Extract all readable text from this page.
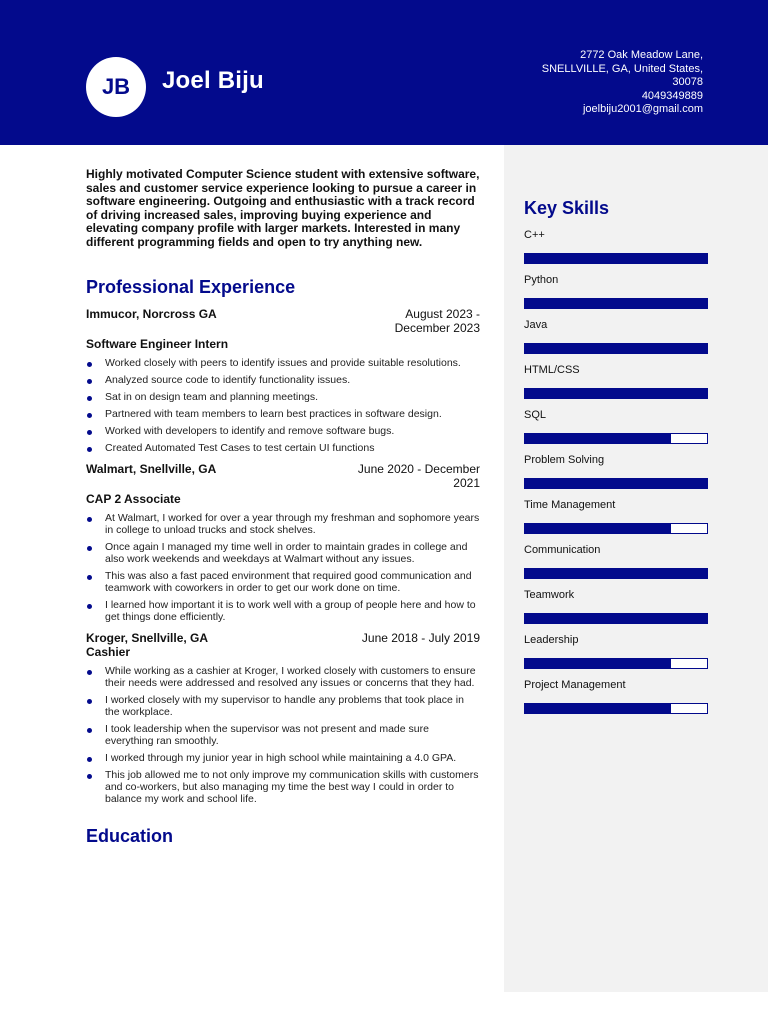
JB	Joel Biju
2772 Oak Meadow Lane,
SNELLVILLE, GA, United States,
30078
4049349889
joelbiju2001@gmail.com

Highly motivated Computer Science student with extensive software, sales and customer service experience looking to pursue a career in software engineering. Outgoing and enthusiastic with a track record of driving increased sales, improving buying experience and elevating company profile with larger markets. Interested in many different programming fields and open to try anything new.

Professional Experience
Immucor, Norcross GA	August 2023 -
December 2023
Software Engineer Intern
Worked closely with peers to identify issues and provide suitable resolutions.
Analyzed source code to identify functionality issues.
Sat in on design team and planning meetings.
Partnered with team members to learn best practices in software design.
Worked with developers to identify and remove software bugs.
Created Automated Test Cases to test certain UI functions
Walmart, Snellville, GA	June 2020 - December
2021
CAP 2 Associate
At Walmart, I worked for over a year through my freshman and sophomore years in college to unload trucks and stock shelves.
Once again I managed my time well in order to maintain grades in college and also work weekends and weekdays at Walmart without any issues.
This was also a fast paced environment that required good communication and teamwork with coworkers in order to get our work done on time.
I learned how important it is to work well with a group of people here and how to get things done efficiently.
Kroger, Snellville, GA	June 2018 - July 2019
Cashier
While working as a cashier at Kroger, I worked closely with customers to ensure their needs were addressed and resolved any issues or concerns that they had.
I worked closely with my supervisor to handle any problems that took place in the workplace.
I took leadership when the supervisor was not present and made sure everything ran smoothly.
I worked through my junior year in high school while maintaining a 4.0 GPA.
This job allowed me to not only improve my communication skills with customers and co-workers, but also managing my time the best way I could in order to balance my work and school life.
Education
Key Skills
C++
Python
Java
HTML/CSS
SQL
Problem Solving
Time Management
Communication
Teamwork
Leadership
Project Management
